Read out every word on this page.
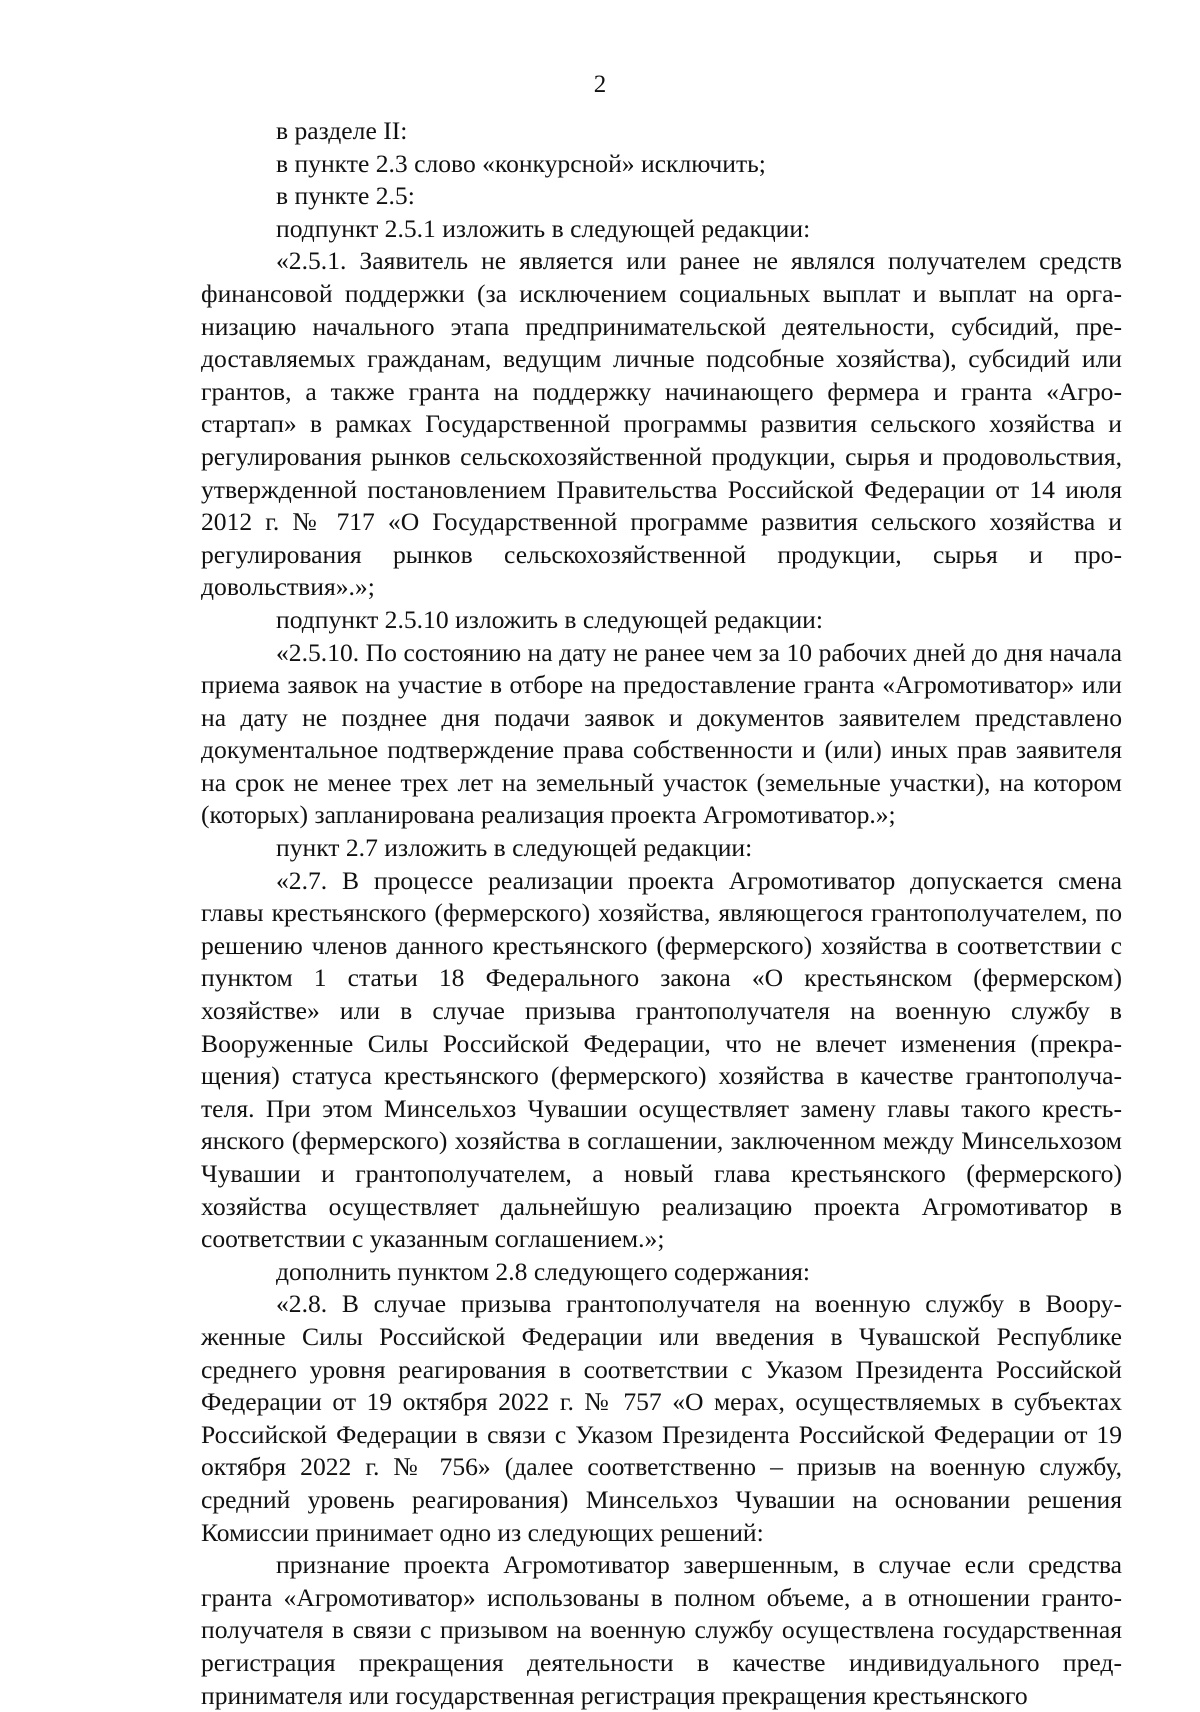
2

в разделе II:

в пункте 2.3 слово «конкурсной» исключить;

в пункте 2.5:

подпункт 2.5.1 изложить в следующей редакции:

«2.5.1. Заявитель не является или ранее не являлся получателем средств финансовой поддержки (за исключением социальных выплат и выплат на организацию начального этапа предпринимательской деятельности, субсидий, предоставляемых гражданам, ведущим личные подсобные хозяйства), субсидий или грантов, а также гранта на поддержку начинающего фермера и гранта «Агростартап» в рамках Государственной программы развития сельского хозяйства и регулирования рынков сельскохозяйственной продукции, сырья и продовольствия, утвержденной постановлением Правительства Российской Федерации от 14 июля 2012 г. № 717 «О Государственной программе развития сельского хозяйства и регулирования рынков сельскохозяйственной продукции, сырья и продовольствия».»;

подпункт 2.5.10 изложить в следующей редакции:

«2.5.10. По состоянию на дату не ранее чем за 10 рабочих дней до дня начала приема заявок на участие в отборе на предоставление гранта «Агромотиватор» или на дату не позднее дня подачи заявок и документов заявителем представлено документальное подтверждение права собственности и (или) иных прав заявителя на срок не менее трех лет на земельный участок (земельные участки), на котором (которых) запланирована реализация проекта Агромотиватор.»;

пункт 2.7 изложить в следующей редакции:

«2.7. В процессе реализации проекта Агромотиватор допускается смена главы крестьянского (фермерского) хозяйства, являющегося грантополучателем, по решению членов данного крестьянского (фермерского) хозяйства в соответствии с пунктом 1 статьи 18 Федерального закона «О крестьянском (фермерском) хозяйстве» или в случае призыва грантополучателя на военную службу в Вооруженные Силы Российской Федерации, что не влечет изменения (прекращения) статуса крестьянского (фермерского) хозяйства в качестве грантополучателя. При этом Минсельхоз Чувашии осуществляет замену главы такого крестьянского (фермерского) хозяйства в соглашении, заключенном между Минсельхозом Чувашии и грантополучателем, а новый глава крестьянского (фермерского) хозяйства осуществляет дальнейшую реализацию проекта Агромотиватор в соответствии с указанным соглашением.»;

дополнить пунктом 2.8 следующего содержания:

«2.8. В случае призыва грантополучателя на военную службу в Вооруженные Силы Российской Федерации или введения в Чувашской Республике среднего уровня реагирования в соответствии с Указом Президента Российской Федерации от 19 октября 2022 г. № 757 «О мерах, осуществляемых в субъектах Российской Федерации в связи с Указом Президента Российской Федерации от 19 октября 2022 г. № 756» (далее соответственно – призыв на военную службу, средний уровень реагирования) Минсельхоз Чувашии на основании решения Комиссии принимает одно из следующих решений:

признание проекта Агромотиватор завершенным, в случае если средства гранта «Агромотиватор» использованы в полном объеме, а в отношении грантополучателя в связи с призывом на военную службу осуществлена государственная регистрация прекращения деятельности в качестве индивидуального предпринимателя или государственная регистрация прекращения крестьянского
